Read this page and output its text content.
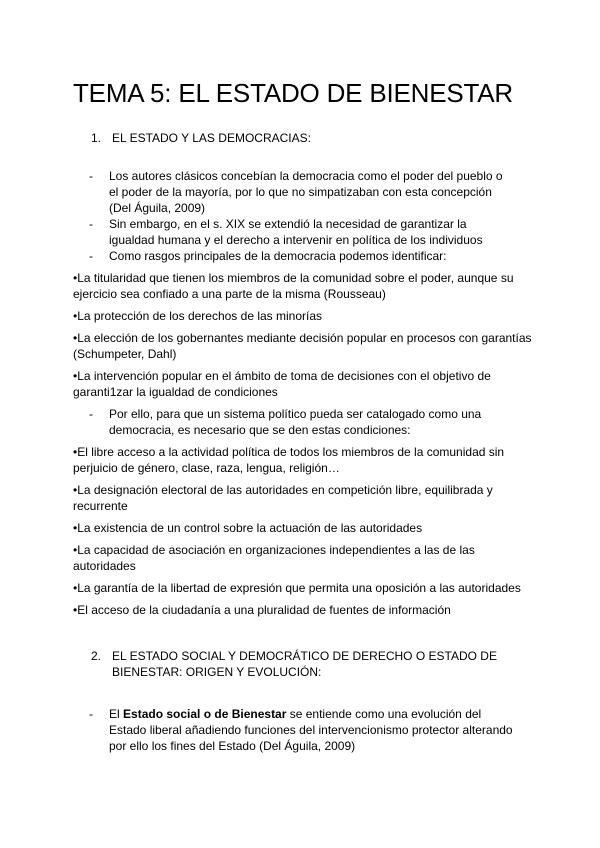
TEMA 5: EL ESTADO DE BIENESTAR
1. EL ESTADO Y LAS DEMOCRACIAS:
- Los autores clásicos concebían la democracia como el poder del pueblo o el poder de la mayoría, por lo que no simpatizaban con esta concepción (Del Águila, 2009)
- Sin embargo, en el s. XIX se extendió la necesidad de garantizar la igualdad humana y el derecho a intervenir en política de los individuos
- Como rasgos principales de la democracia podemos identificar:
•La titularidad que tienen los miembros de la comunidad sobre el poder, aunque su ejercicio sea confiado a una parte de la misma (Rousseau)
•La protección de los derechos de las minorías
•La elección de los gobernantes mediante decisión popular en procesos con garantías (Schumpeter, Dahl)
•La intervención popular en el ámbito de toma de decisiones con el objetivo de garanti1zar la igualdad de condiciones
- Por ello, para que un sistema político pueda ser catalogado como una democracia, es necesario que se den estas condiciones:
•El libre acceso a la actividad política de todos los miembros de la comunidad sin perjuicio de género, clase, raza, lengua, religión…
•La designación electoral de las autoridades en competición libre, equilibrada y recurrente
•La existencia de un control sobre la actuación de las autoridades
•La capacidad de asociación en organizaciones independientes a las de las autoridades
•La garantía de la libertad de expresión que permita una oposición a las autoridades
•El acceso de la ciudadanía a una pluralidad de fuentes de información
2. EL ESTADO SOCIAL Y DEMOCRÁTICO DE DERECHO O ESTADO DE BIENESTAR: ORIGEN Y EVOLUCIÓN:
- El Estado social o de Bienestar se entiende como una evolución del Estado liberal añadiendo funciones del intervencionismo protector alterando por ello los fines del Estado (Del Águila, 2009)
